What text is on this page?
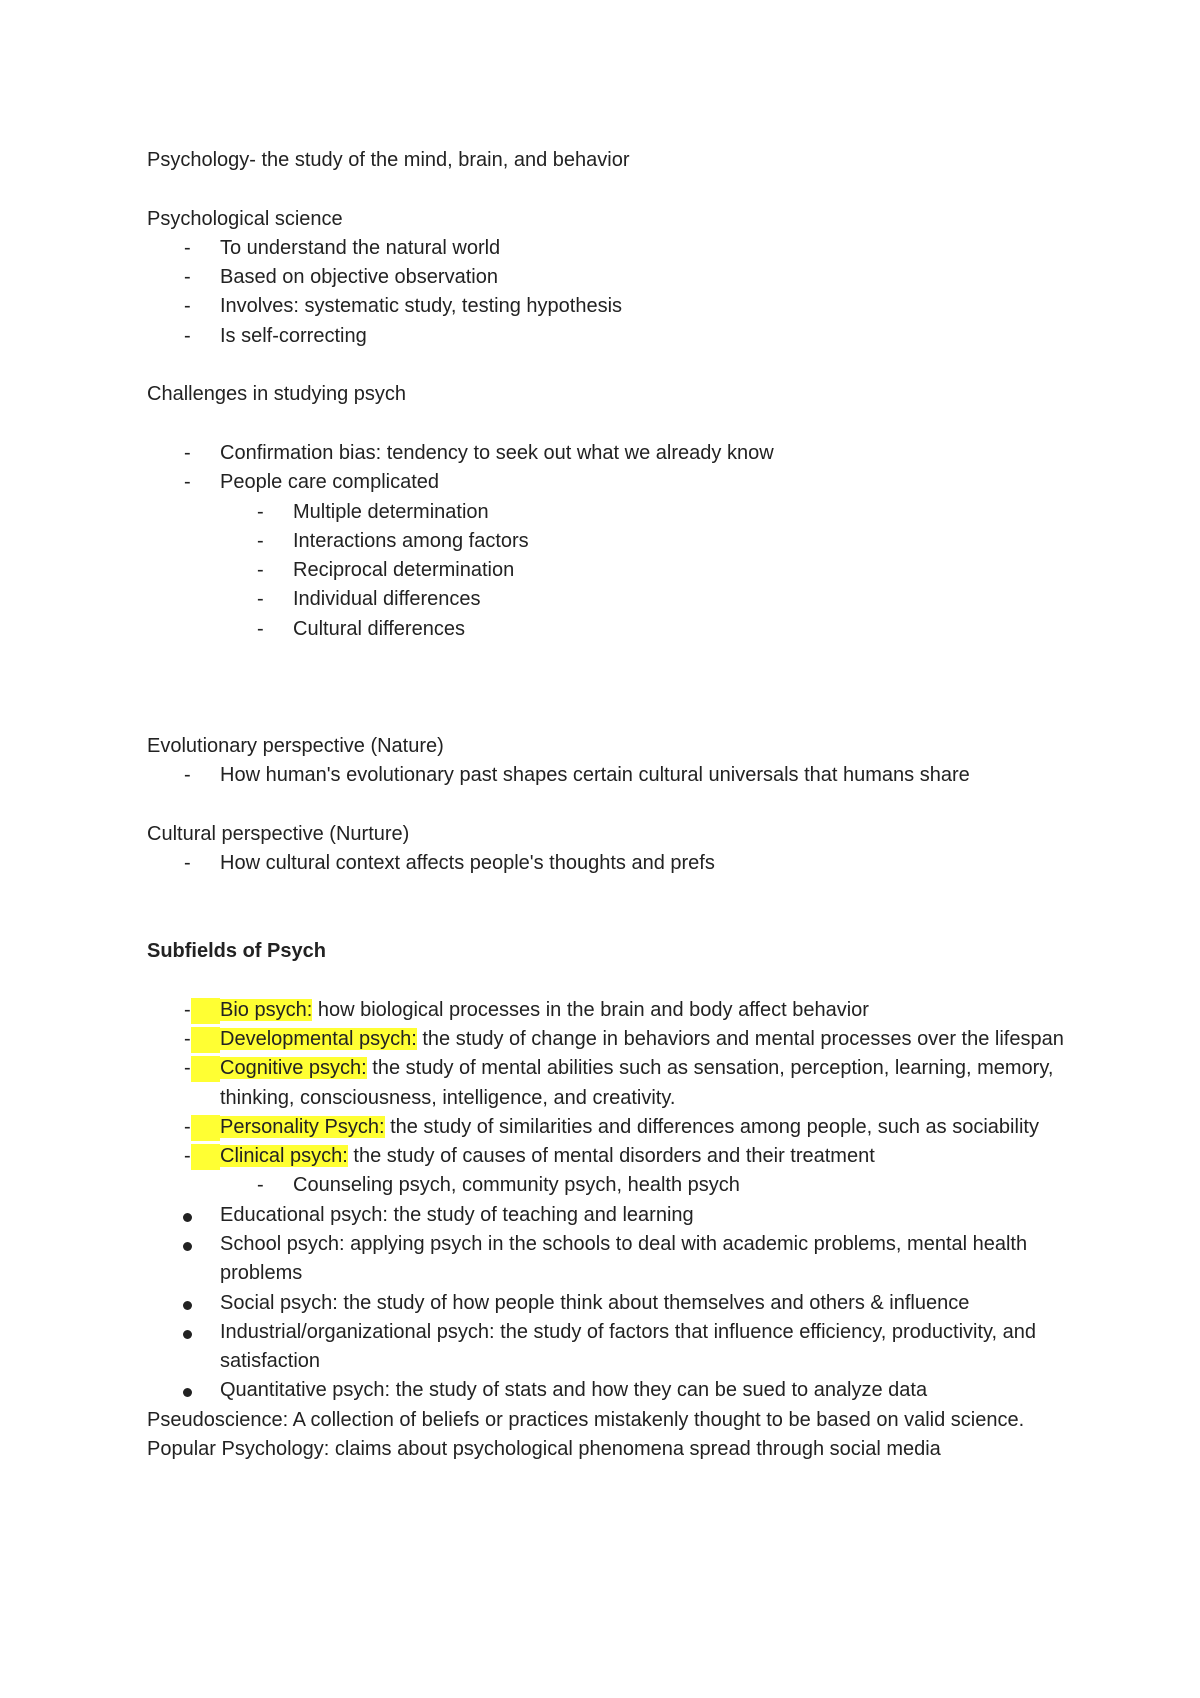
Psychology- the study of the mind, brain, and behavior

Psychological science

- To understand the natural world
- Based on objective observation
- Involves: systematic study, testing hypothesis
- Is self-correcting

Challenges in studying psych

- Confirmation bias: tendency to seek out what we already know
- People care complicated
- Multiple determination
- Interactions among factors
- Reciprocal determination
- Individual differences
- Cultural differences

Evolutionary perspective (Nature)

- How human's evolutionary past shapes certain cultural universals that humans share

Cultural perspective (Nurture)

- How cultural context affects people's thoughts and prefs

Subfields of Psych

- Bio psych: how biological processes in the brain and body affect behavior
- Developmental psych: the study of change in behaviors and mental processes over the lifespan
- Cognitive psych: the study of mental abilities such as sensation, perception, learning, memory, thinking, consciousness, intelligence, and creativity.
- Personality Psych: the study of similarities and differences among people, such as sociability
- Clinical psych: the study of causes of mental disorders and their treatment
- Counseling psych, community psych, health psych
Educational psych: the study of teaching and learning
School psych: applying psych in the schools to deal with academic problems, mental health problems
Social psych: the study of how people think about themselves and others & influence
Industrial/organizational psych: the study of factors that influence efficiency, productivity, and satisfaction
Quantitative psych: the study of stats and how they can be sued to analyze data

Pseudoscience: A collection of beliefs or practices mistakenly thought to be based on valid science.

Popular Psychology: claims about psychological phenomena spread through social media
